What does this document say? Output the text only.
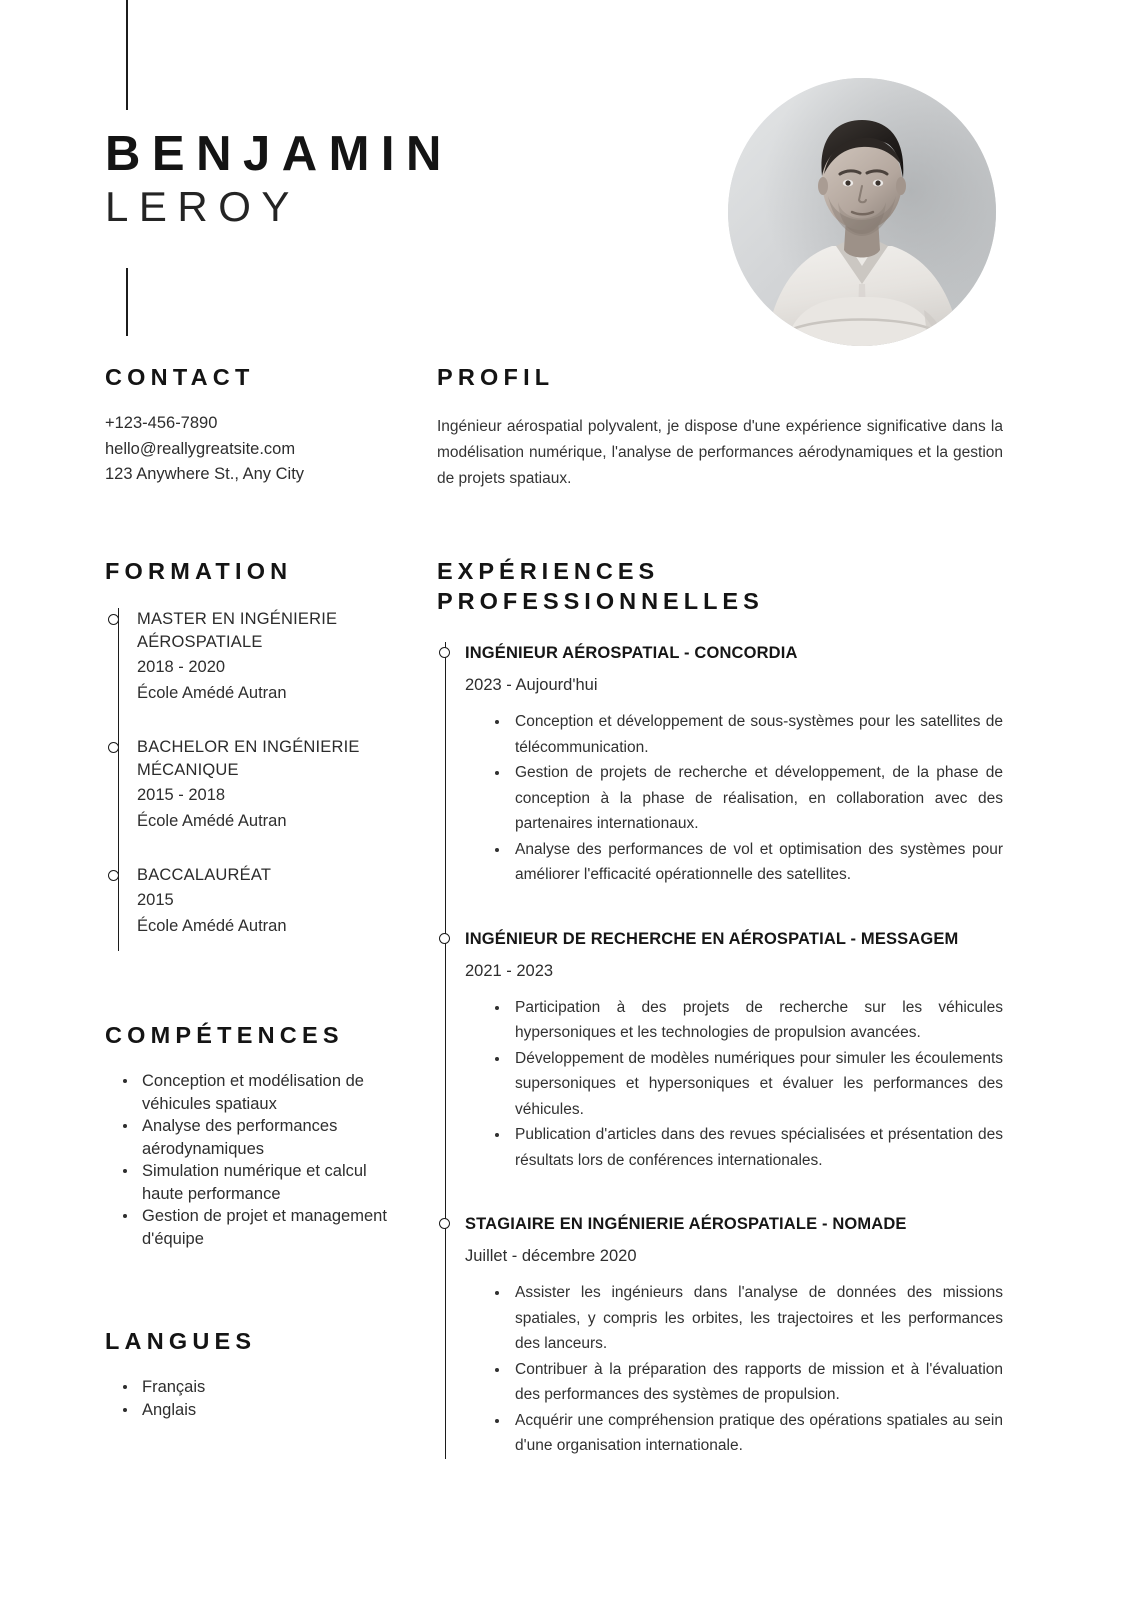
BENJAMIN
LEROY
CONTACT
+123-456-7890
hello@reallygreatsite.com
123 Anywhere St., Any City
PROFIL

Ingénieur aérospatial polyvalent, je dispose d'une expérience significative dans la modélisation numérique, l'analyse de performances aérodynamiques et la gestion de projets spatiaux.

FORMATION
MASTER EN INGÉNIERIE AÉROSPATIALE
2018 - 2020
École Amédé Autran
BACHELOR EN INGÉNIERIE MÉCANIQUE
2015 - 2018
École Amédé Autran
BACCALAURÉAT
2015
École Amédé Autran
COMPÉTENCES
Conception et modélisation de véhicules spatiaux
Analyse des performances aérodynamiques
Simulation numérique et calcul haute performance
Gestion de projet et management d'équipe
LANGUES
Français
Anglais
EXPÉRIENCES
PROFESSIONNELLES
INGÉNIEUR AÉROSPATIAL - CONCORDIA
2023 - Aujourd'hui
Conception et développement de sous-systèmes pour les satellites de télécommunication.
Gestion de projets de recherche et développement, de la phase de conception à la phase de réalisation, en collaboration avec des partenaires internationaux.
Analyse des performances de vol et optimisation des systèmes pour améliorer l'efficacité opérationnelle des satellites.
INGÉNIEUR DE RECHERCHE EN AÉROSPATIAL - MESSAGEM
2021 - 2023
Participation à des projets de recherche sur les véhicules hypersoniques et les technologies de propulsion avancées.
Développement de modèles numériques pour simuler les écoulements supersoniques et hypersoniques et évaluer les performances des véhicules.
Publication d'articles dans des revues spécialisées et présentation des résultats lors de conférences internationales.
STAGIAIRE EN INGÉNIERIE AÉROSPATIALE - NOMADE
Juillet - décembre 2020
Assister les ingénieurs dans l'analyse de données des missions spatiales, y compris les orbites, les trajectoires et les performances des lanceurs.
Contribuer à la préparation des rapports de mission et à l'évaluation des performances des systèmes de propulsion.
Acquérir une compréhension pratique des opérations spatiales au sein d'une organisation internationale.
